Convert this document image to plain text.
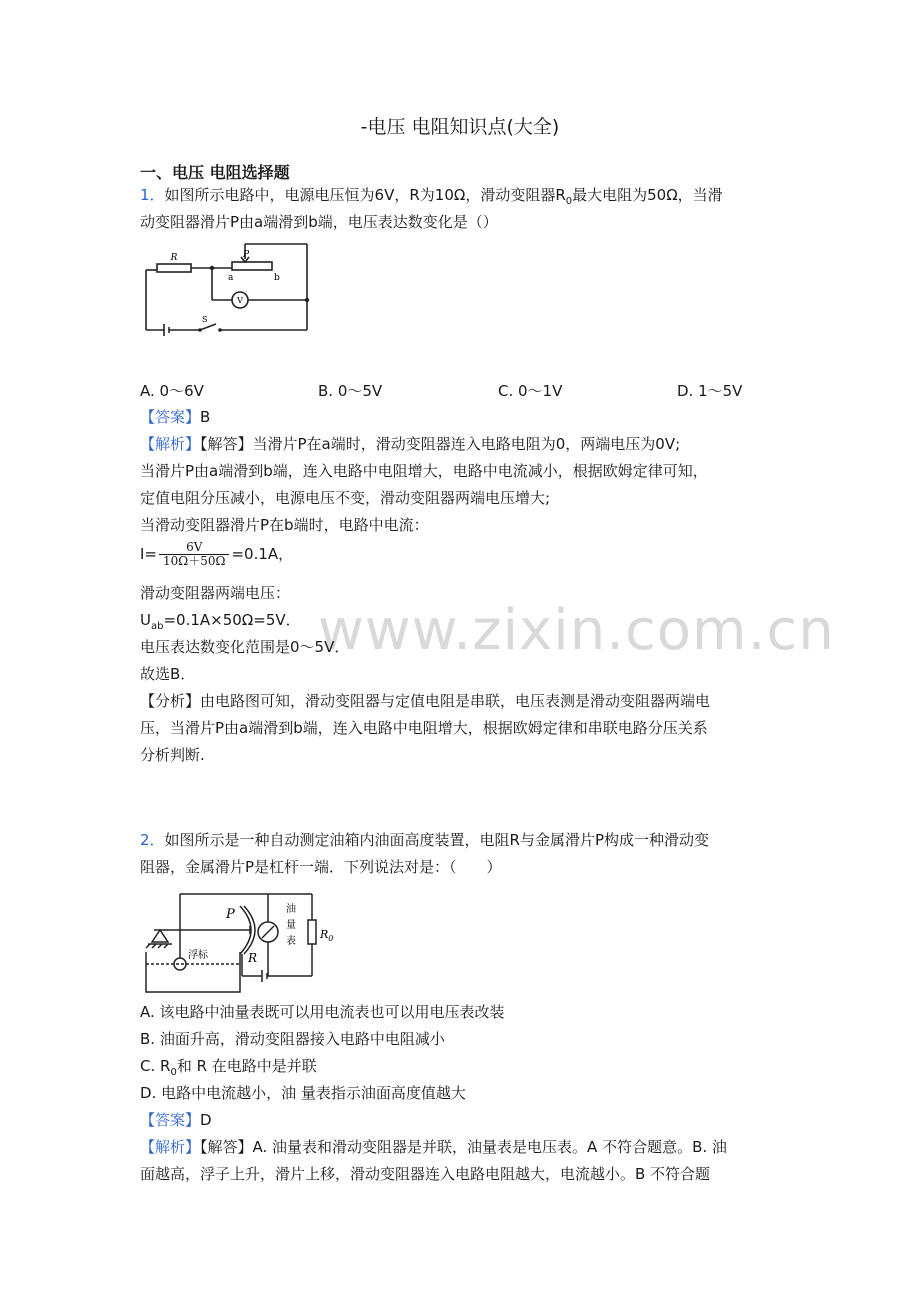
www.zixin.com.cn
-电压 电阻知识点(大全)
一、电压 电阻选择题
1．如图所示电路中，电源电压恒为6V，R为10Ω，滑动变阻器$R_0$最大电阻为50Ω，当滑
动变阻器滑片P由a端滑到b端，电压表达数变化是（）
R	P
a	b
V
S
A. 0～6V	B. 0～5V	C. 0～1V	D. 1～5V
【答案】B
【解析】【解答】当滑片P在a端时，滑动变阻器连入电路电阻为0，两端电压为0V;
当滑片P由a端滑到b端，连入电路中电阻增大，电路中电流减小，根据欧姆定律可知，
定值电阻分压减小，电源电压不变，滑动变阻器两端电压增大;
当滑动变阻器滑片P在b端时，电路中电流：
$I= \frac{6V}{10\Omega+50\Omega} =0.1A$，
滑动变阻器两端电压：
$U_{ab}=0.1A\times 50\Omega=5V$．
电压表达数变化范围是0～5V．
故选B．
【分析】由电路图可知，滑动变阻器与定值电阻是串联，电压表测是滑动变阻器两端电
压，当滑片P由a端滑到b端，连入电路中电阻增大，根据欧姆定律和串联电路分压关系
分析判断.
2．如图所示是一种自动测定油箱内油面高度装置，电阻R与金属滑片P构成一种滑动变
阻器，金属滑片P是杠杆一端．下列说法对是：（　　）
P
R
浮标
油
量
表
$R_0$
A. 该电路中油量表既可以用电流表也可以用电压表改装
B. 油面升高，滑动变阻器接入电路中电阻减小
C. $R_0$和 R 在电路中是并联
D. 电路中电流越小，油 量表指示油面高度值越大
【答案】D
【解析】【解答】A. 油量表和滑动变阻器是并联，油量表是电压表。A 不符合题意。B. 油
面越高，浮子上升，滑片上移，滑动变阻器连入电路电阻越大，电流越小。B 不符合题
